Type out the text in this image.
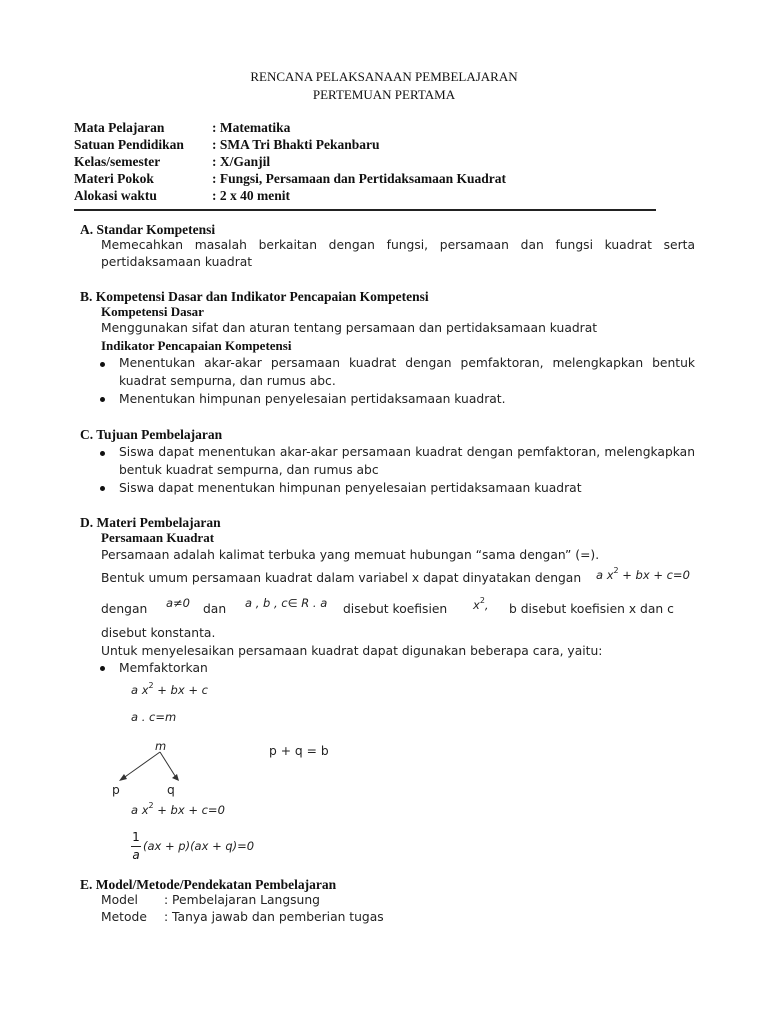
RENCANA PELAKSANAAN PEMBELAJARAN
PERTEMUAN PERTAMA
Mata Pelajaran	: Matematika
Satuan Pendidikan : SMA Tri Bhakti Pekanbaru
Kelas/semester	: X/Ganjil
Materi Pokok	: Fungsi, Persamaan dan Pertidaksamaan Kuadrat
Alokasi waktu	: 2 x 40 menit
A. Standar Kompetensi
Memecahkan masalah berkaitan dengan fungsi, persamaan dan fungsi kuadrat serta
pertidaksamaan kuadrat
B. Kompetensi Dasar dan Indikator Pencapaian Kompetensi
Kompetensi Dasar
Menggunakan sifat dan aturan tentang persamaan dan pertidaksamaan kuadrat
Indikator Pencapaian Kompetensi
Menentukan akar-akar persamaan kuadrat dengan pemfaktoran, melengkapkan bentuk
kuadrat sempurna, dan rumus abc.
Menentukan himpunan penyelesaian pertidaksamaan kuadrat.
C. Tujuan Pembelajaran
Siswa dapat menentukan akar-akar persamaan kuadrat dengan pemfaktoran, melengkapkan
bentuk kuadrat sempurna, dan rumus abc
Siswa dapat menentukan himpunan penyelesaian pertidaksamaan kuadrat
D. Materi Pembelajaran
Persamaan Kuadrat
Persamaan adalah kalimat terbuka yang memuat hubungan “sama dengan” (=).
Bentuk umum persamaan kuadrat dalam variabel x dapat dinyatakan dengan a $x^2$ + bx + c=0
dengan a≠0 dan a , b , c∈ R . a disebut koefisien $x^2$, b disebut koefisien x dan c
disebut konstanta.
Untuk menyelesaikan persamaan kuadrat dapat digunakan beberapa cara, yaitu:
Memfaktorkan
a $x^2$ + bx + c
a . c=m
m	p + q = b
p	q
a $x^2$ + bx + c=0
1
a
(ax + p)(ax + q)=0
E. Model/Metode/Pendekatan Pembelajaran
Model : Pembelajaran Langsung
Metode : Tanya jawab dan pemberian tugas
